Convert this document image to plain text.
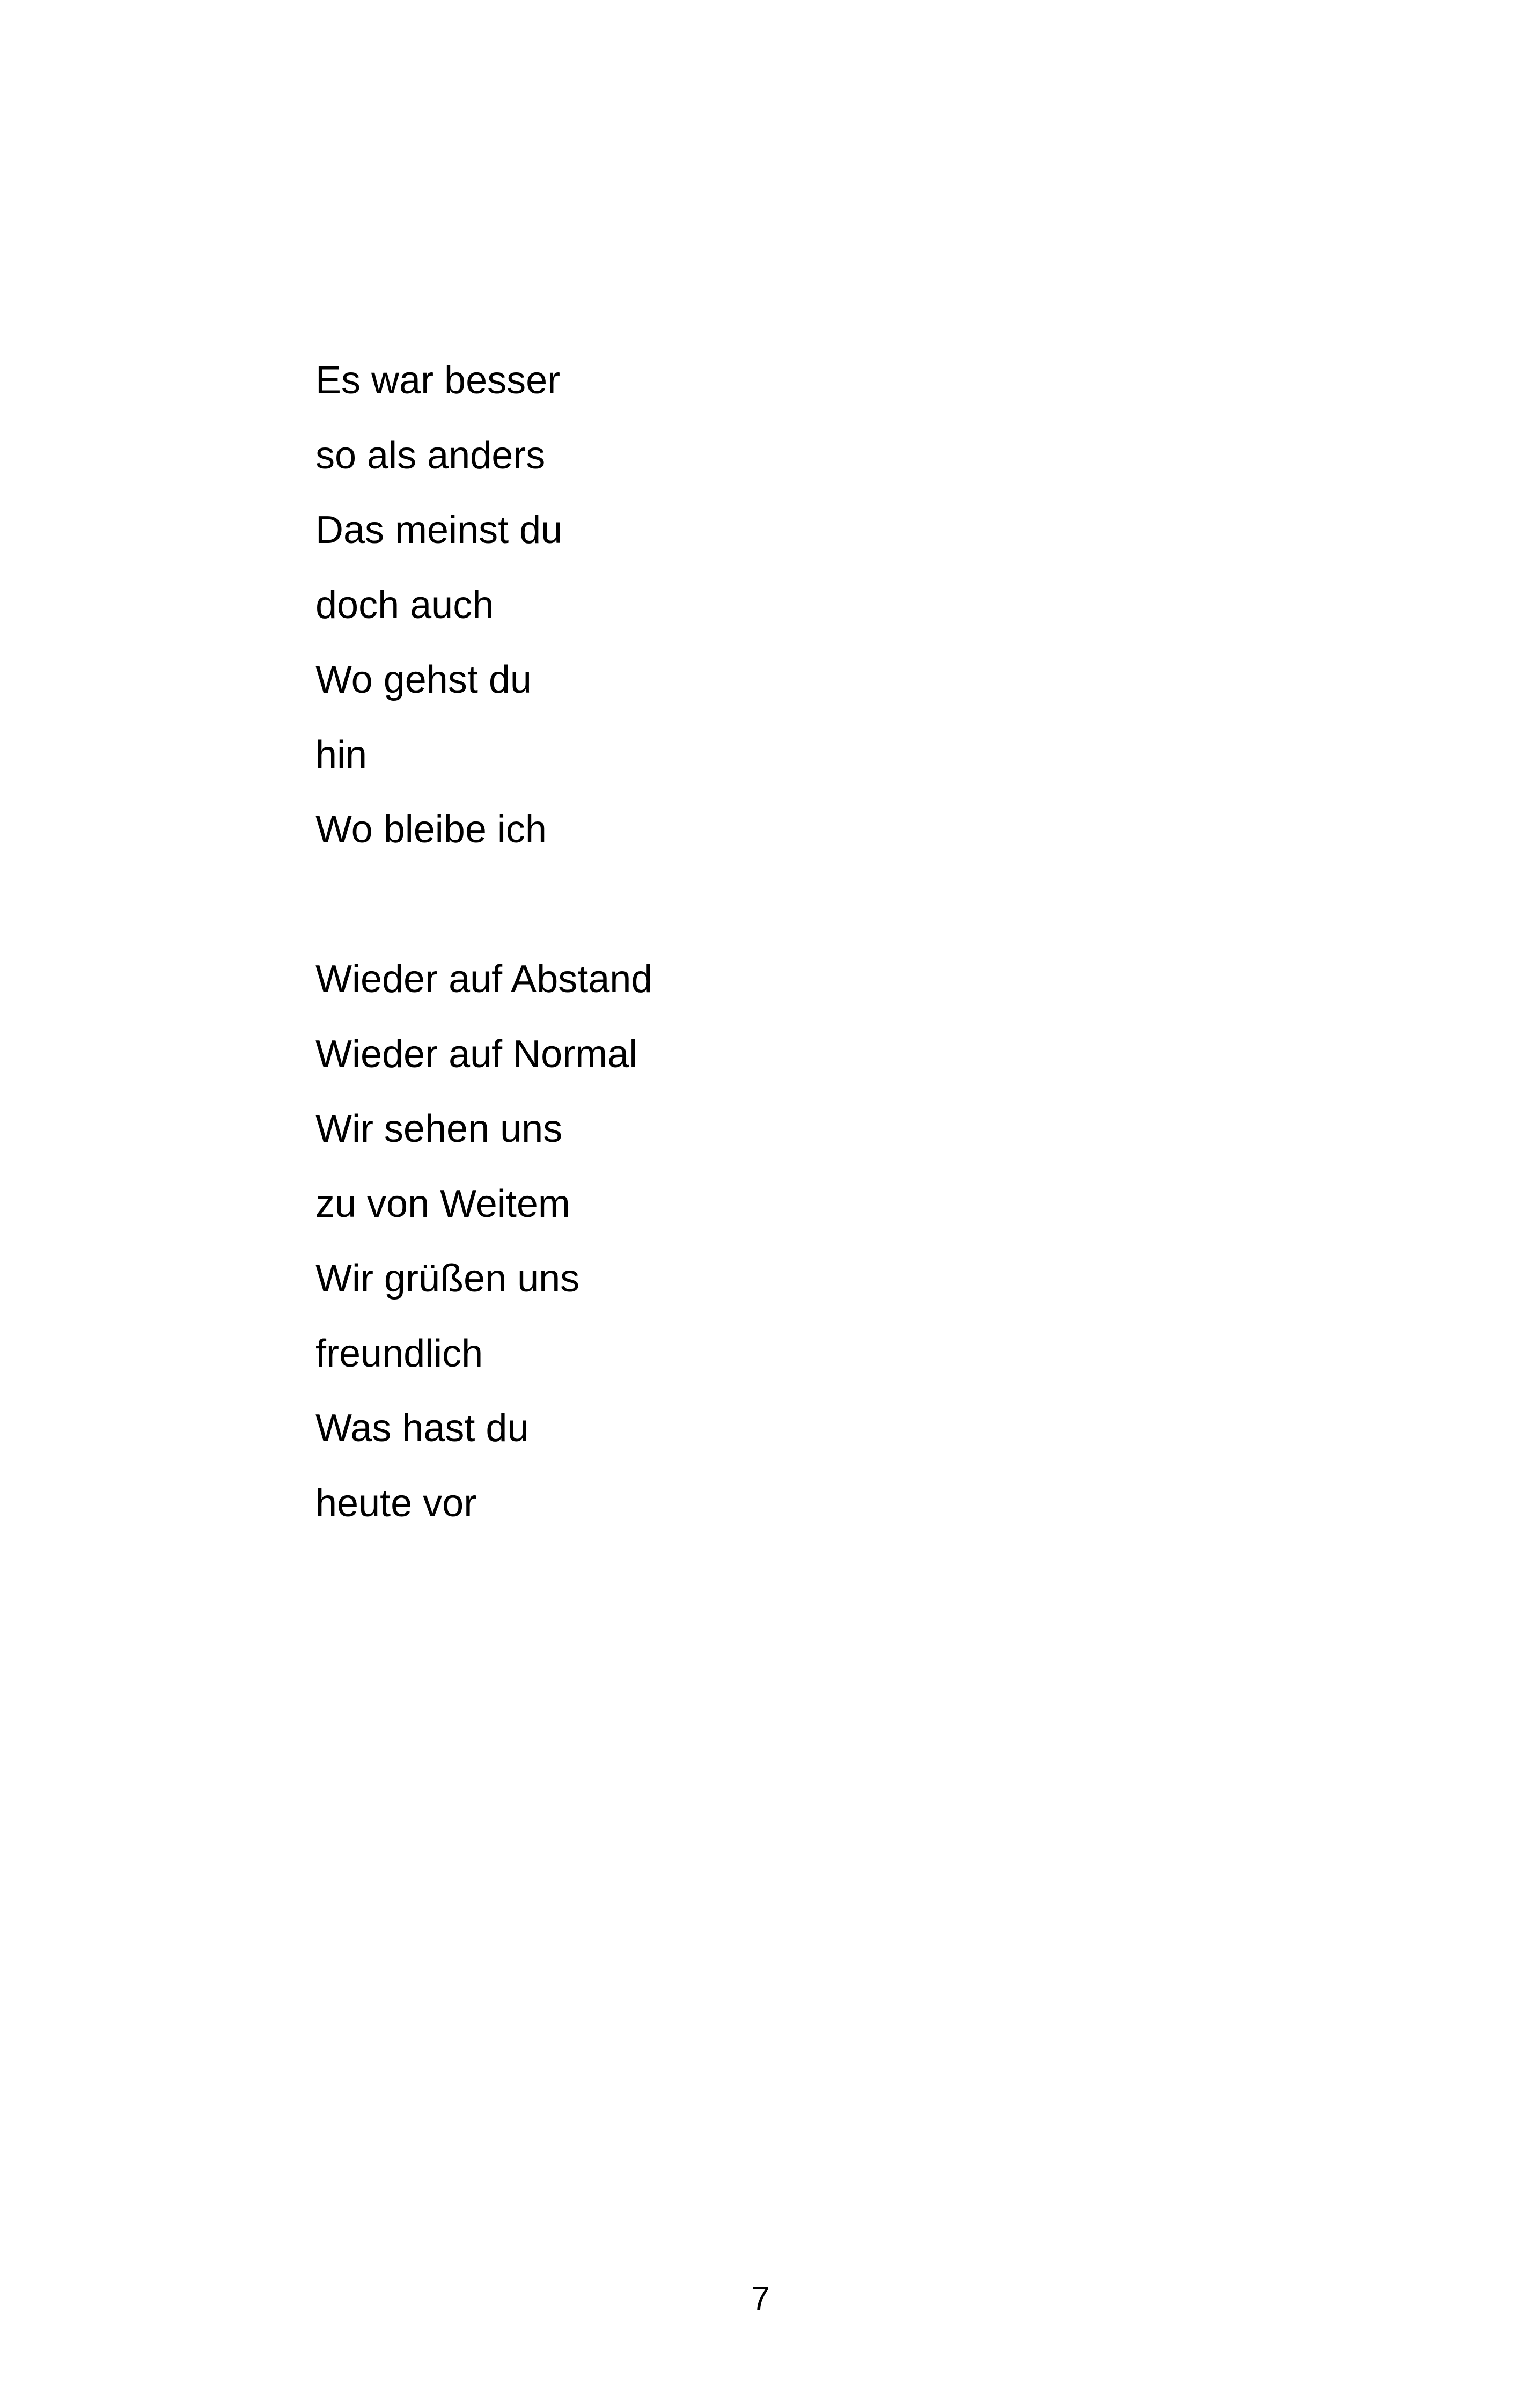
Es war besser
so als anders
Das meinst du
doch auch
Wo gehst du
hin
Wo bleibe ich
Wieder auf Abstand
Wieder auf Normal
Wir sehen uns
zu von Weitem
Wir grüßen uns
freundlich
Was hast du
heute vor
7
